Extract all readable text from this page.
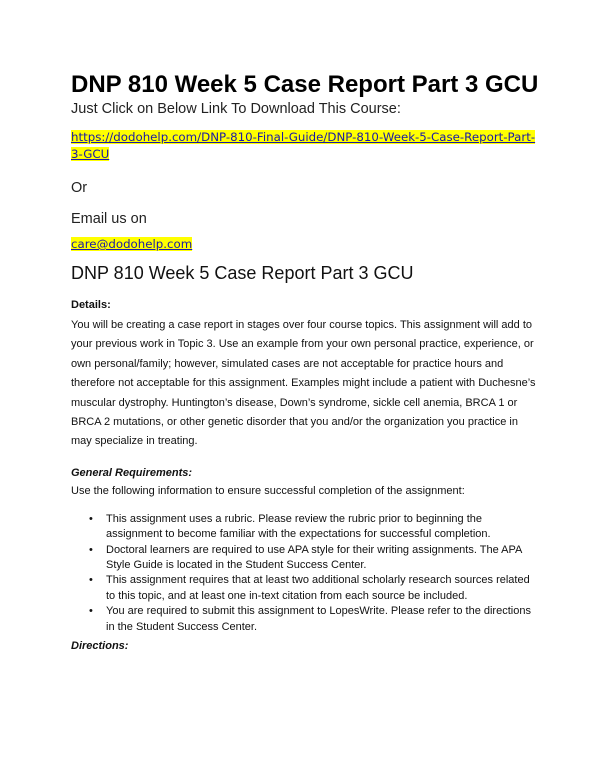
DNP 810 Week 5 Case Report Part 3 GCU
Just Click on Below Link To Download This Course:
https://dodohelp.com/DNP-810-Final-Guide/DNP-810-Week-5-Case-Report-Part-3-GCU
Or
Email us on
care@dodohelp.com
DNP 810 Week 5 Case Report Part 3 GCU
Details:

You will be creating a case report in stages over four course topics. This assignment will add to your previous work in Topic 3. Use an example from your own personal practice, experience, or own personal/family; however, simulated cases are not acceptable for practice hours and therefore not acceptable for this assignment. Examples might include a patient with Duchesne’s muscular dystrophy. Huntington’s disease, Down’s syndrome, sickle cell anemia, BRCA 1 or BRCA 2 mutations, or other genetic disorder that you and/or the organization you practice in may specialize in treating.

General Requirements:
Use the following information to ensure successful completion of the assignment:
• This assignment uses a rubric. Please review the rubric prior to beginning the assignment to become familiar with the expectations for successful completion.
• Doctoral learners are required to use APA style for their writing assignments. The APA Style Guide is located in the Student Success Center.
• This assignment requires that at least two additional scholarly research sources related to this topic, and at least one in-text citation from each source be included.
• You are required to submit this assignment to LopesWrite. Please refer to the directions in the Student Success Center.
Directions:
